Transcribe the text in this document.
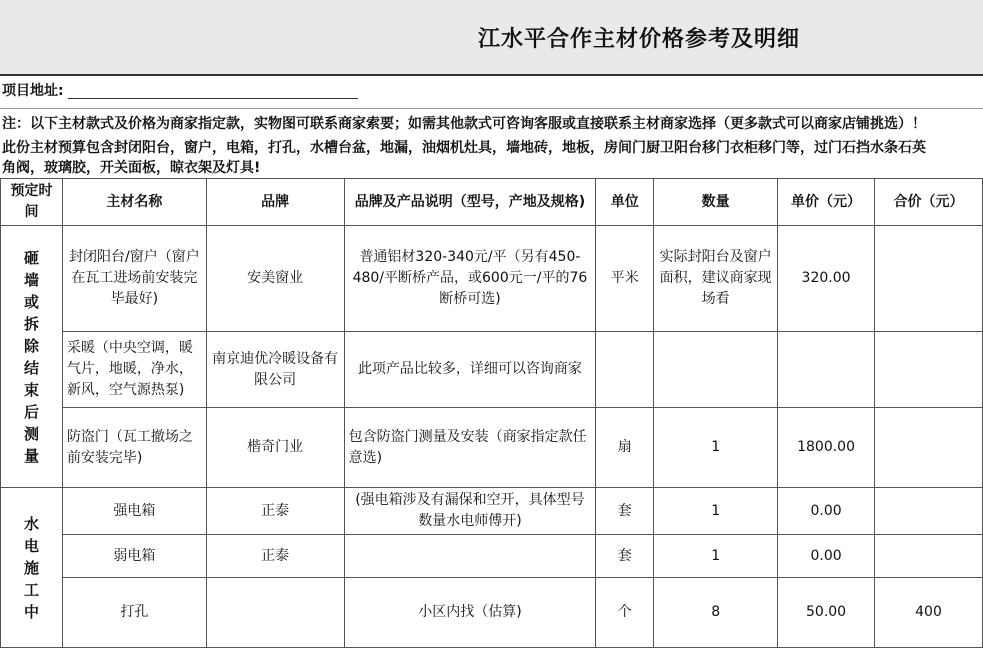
江水平合作主材价格参考及明细
项目地址:
注：以下主材款式及价格为商家指定款，实物图可联系商家索要；如需其他款式可咨询客服或直接联系主材商家选择（更多款式可以商家店铺挑选）！
此份主材预算包含封闭阳台，窗户，电箱，打孔，水槽台盆，地漏，油烟机灶具，墙地砖，地板，房间门厨卫阳台移门衣柜移门等，过门石挡水条石英
角阀，玻璃胶，开关面板，晾衣架及灯具!
预定时间	主材名称	品牌	品牌及产品说明（型号，产地及规格)	单位	数量	单价（元）	合价（元）

砸墙或拆除结束后测量	封闭阳台/窗户（窗户在瓦工进场前安装完毕最好)	安美窗业	普通铝材320-340元/平（另有450-480/平断桥产品，或600元一/平的76断桥可选)	平米	实际封阳台及窗户面积，建议商家现场看	320.00	
	采暖（中央空调，暖气片，地暖，净水，新风，空气源热泵)	南京迪优冷暖设备有限公司	此项产品比较多，详细可以咨询商家				
	防盗门（瓦工撤场之前安装完毕)	楷奇门业	包含防盗门测量及安装（商家指定款任意选)	扇	1	1800.00	

水电施工中	强电箱	正泰	(强电箱涉及有漏保和空开，具体型号数量水电师傅开)	套	1	0.00	
	弱电箱	正泰		套	1	0.00	
	打孔		小区内找（估算)	个	8	50.00	400
